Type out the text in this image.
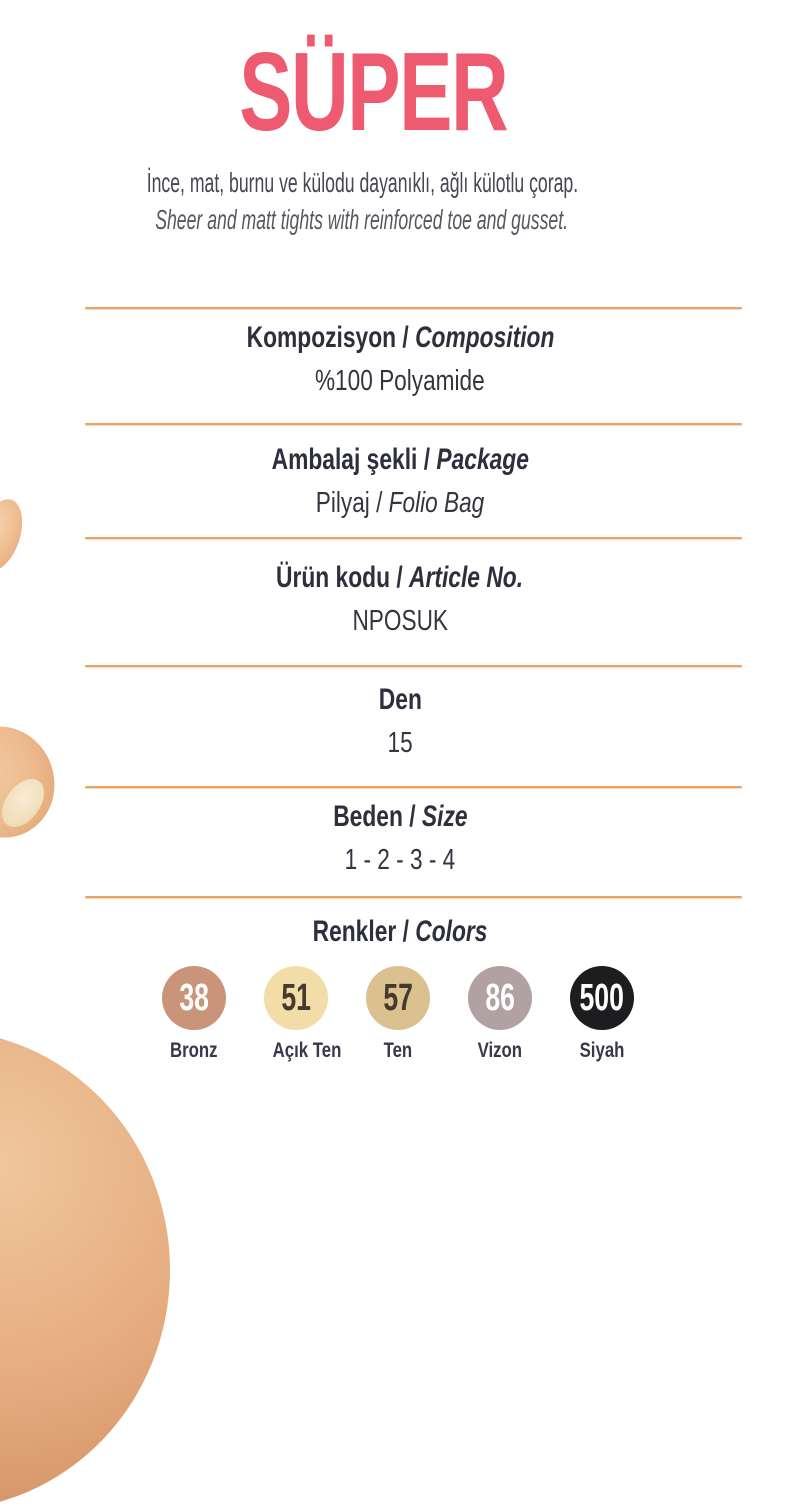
SÜPER
İnce, mat, burnu ve külodu dayanıklı, ağlı külotlu çorap.
Sheer and matt tights with reinforced toe and gusset.
Kompozisyon / Composition
%100 Polyamide
Ambalaj şekli / Package
Pilyaj / Folio Bag
Ürün kodu / Article No.
NPOSUK
Den
15
Beden / Size
1 - 2 - 3 - 4
Renkler / Colors
38
Bronz
51
Açık Ten
57
Ten
86
Vizon
500
Siyah
